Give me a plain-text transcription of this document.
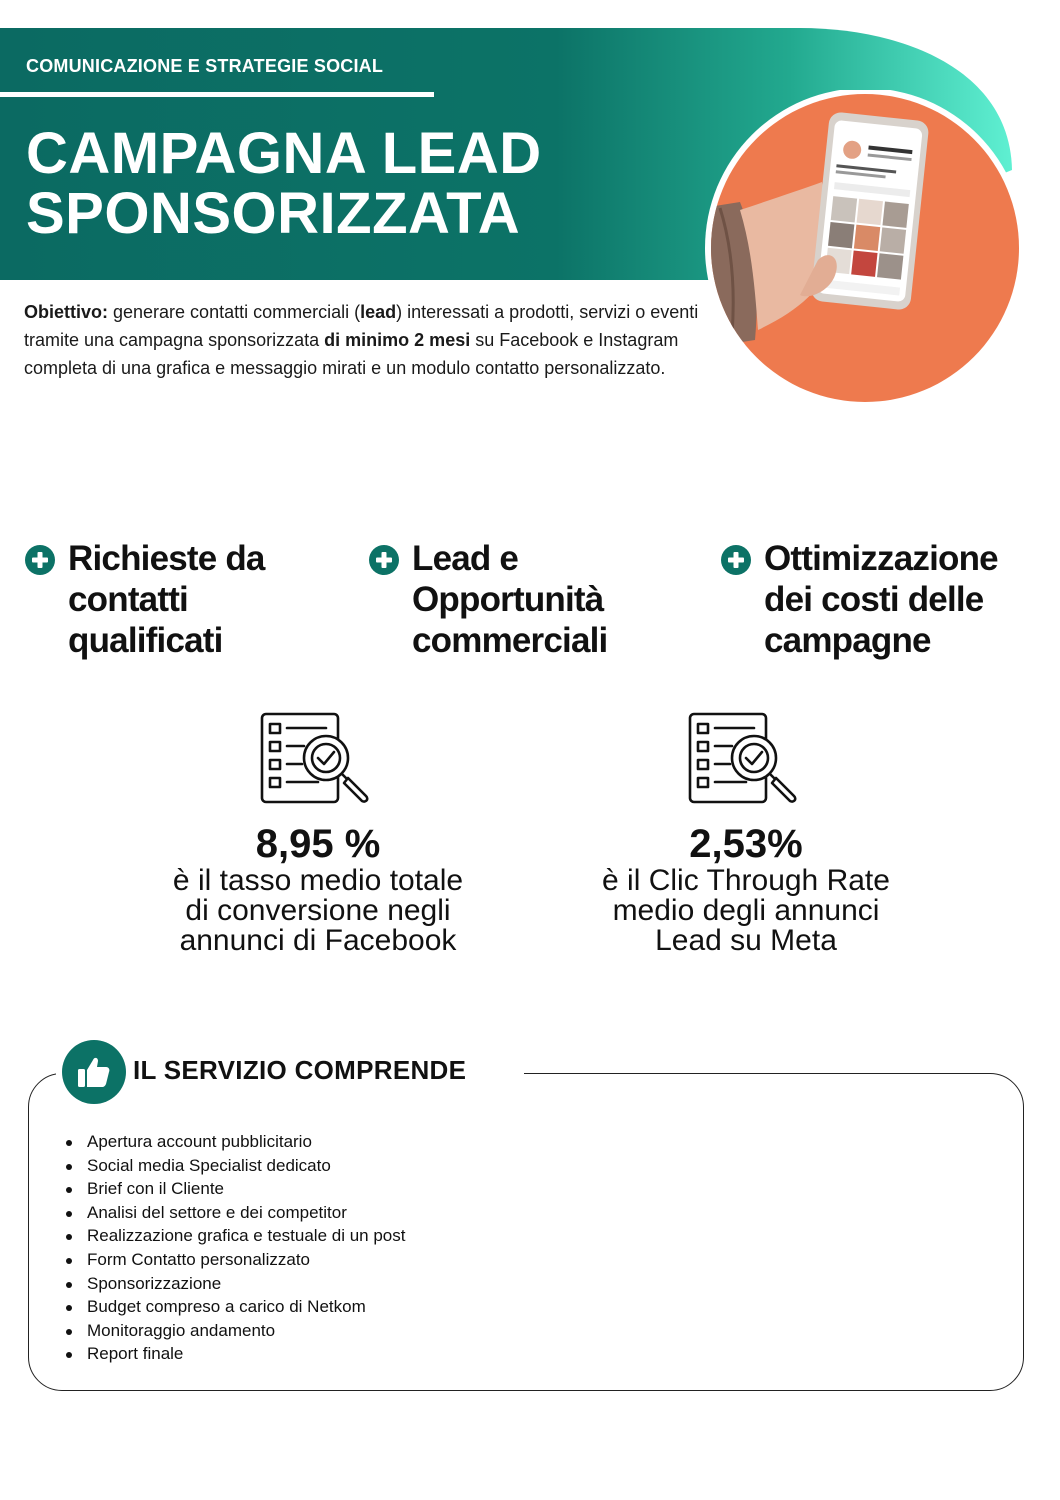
COMUNICAZIONE E STRATEGIE SOCIAL
CAMPAGNA LEAD
SPONSORIZZATA
Obiettivo: generare contatti commerciali (lead) interessati a prodotti, servizi o eventi tramite una campagna sponsorizzata di minimo 2 mesi su Facebook e Instagram completa di una grafica e messaggio mirati e un modulo contatto personalizzato.
Richieste da
contatti
qualificati
Lead e
Opportunità
commerciali
Ottimizzazione
dei costi delle
campagne
8,95 %
è il tasso medio totale
di conversione negli
annunci di Facebook
2,53%
è il Clic Through Rate
medio degli annunci
Lead su Meta
IL SERVIZIO COMPRENDE
Apertura account pubblicitario
Social media Specialist dedicato
Brief con il Cliente
Analisi del settore e dei competitor
Realizzazione grafica e testuale di un post
Form Contatto personalizzato
Sponsorizzazione
Budget compreso a carico di Netkom
Monitoraggio andamento
Report finale
